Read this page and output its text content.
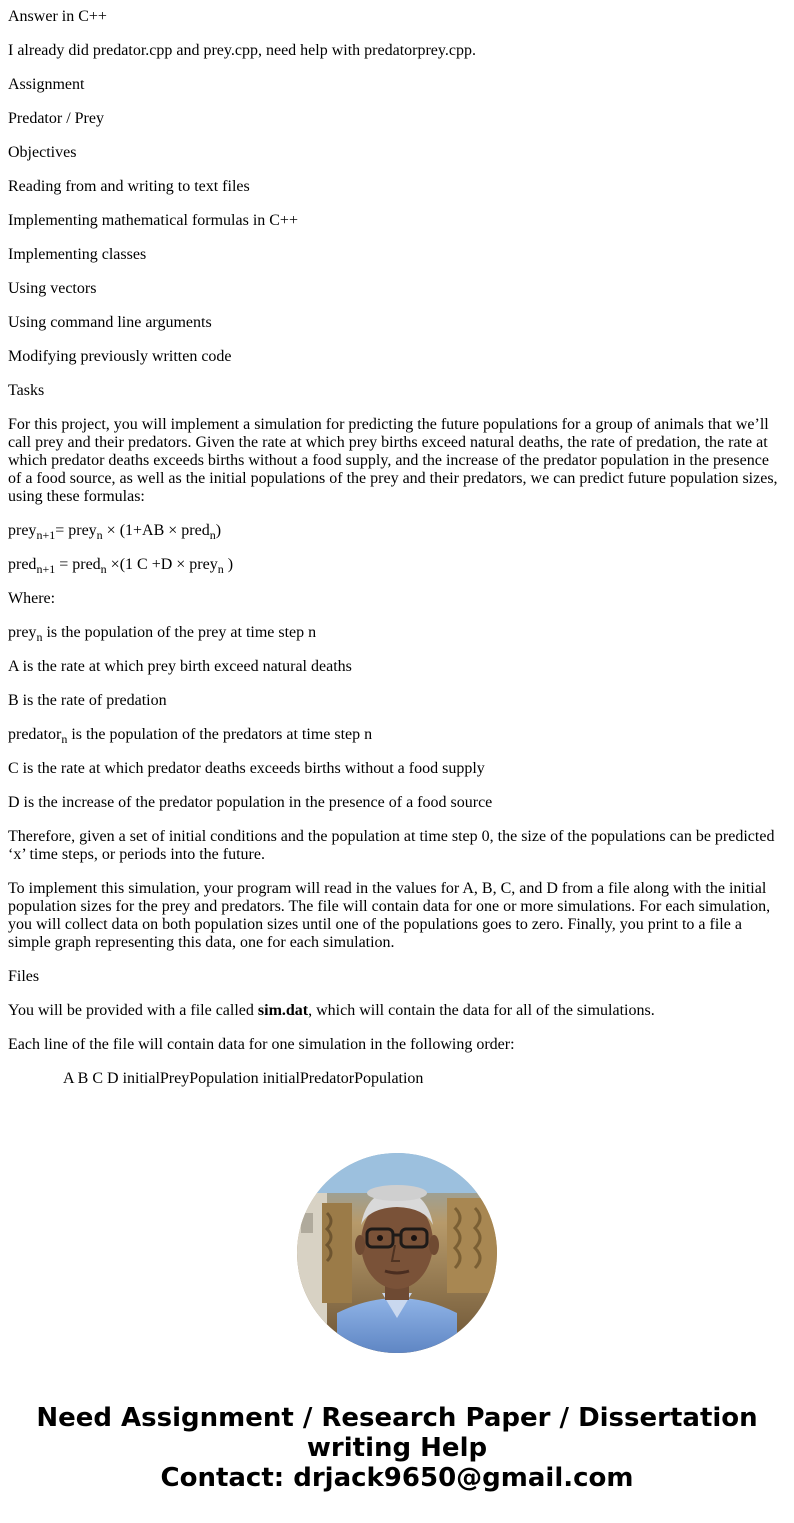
Answer in C++
I already did predator.cpp and prey.cpp, need help with predatorprey.cpp.
Assignment
Predator / Prey
Objectives
Reading from and writing to text files
Implementing mathematical formulas in C++
Implementing classes
Using vectors
Using command line arguments
Modifying previously written code
Tasks
For this project, you will implement a simulation for predicting the future populations for a group of animals that we’ll call prey and their predators. Given the rate at which prey births exceed natural deaths, the rate of predation, the rate at which predator deaths exceeds births without a food supply, and the increase of the predator population in the presence of a food source, as well as the initial populations of the prey and their predators, we can predict future population sizes, using these formulas:
prey$_{n+1}$= prey$_n$ × (1+AB × pred$_n$)
pred$_{n+1}$ = pred$_n$ ×(1 C +D × prey$_n$ )
Where:
prey$_n$ is the population of the prey at time step n
A is the rate at which prey birth exceed natural deaths
B is the rate of predation
predator$_n$ is the population of the predators at time step n
C is the rate at which predator deaths exceeds births without a food supply
D is the increase of the predator population in the presence of a food source
Therefore, given a set of initial conditions and the population at time step 0, the size of the populations can be predicted ‘x’ time steps, or periods into the future.
To implement this simulation, your program will read in the values for A, B, C, and D from a file along with the initial population sizes for the prey and predators. The file will contain data for one or more simulations. For each simulation, you will collect data on both population sizes until one of the populations goes to zero. Finally, you print to a file a simple graph representing this data, one for each simulation.
Files
You will be provided with a file called sim.dat, which will contain the data for all of the simulations.
Each line of the file will contain data for one simulation in the following order:
A B C D initialPreyPopulation initialPredatorPopulation
Need Assignment / Research Paper / Dissertation
writing Help
Contact: drjack9650@gmail.com
